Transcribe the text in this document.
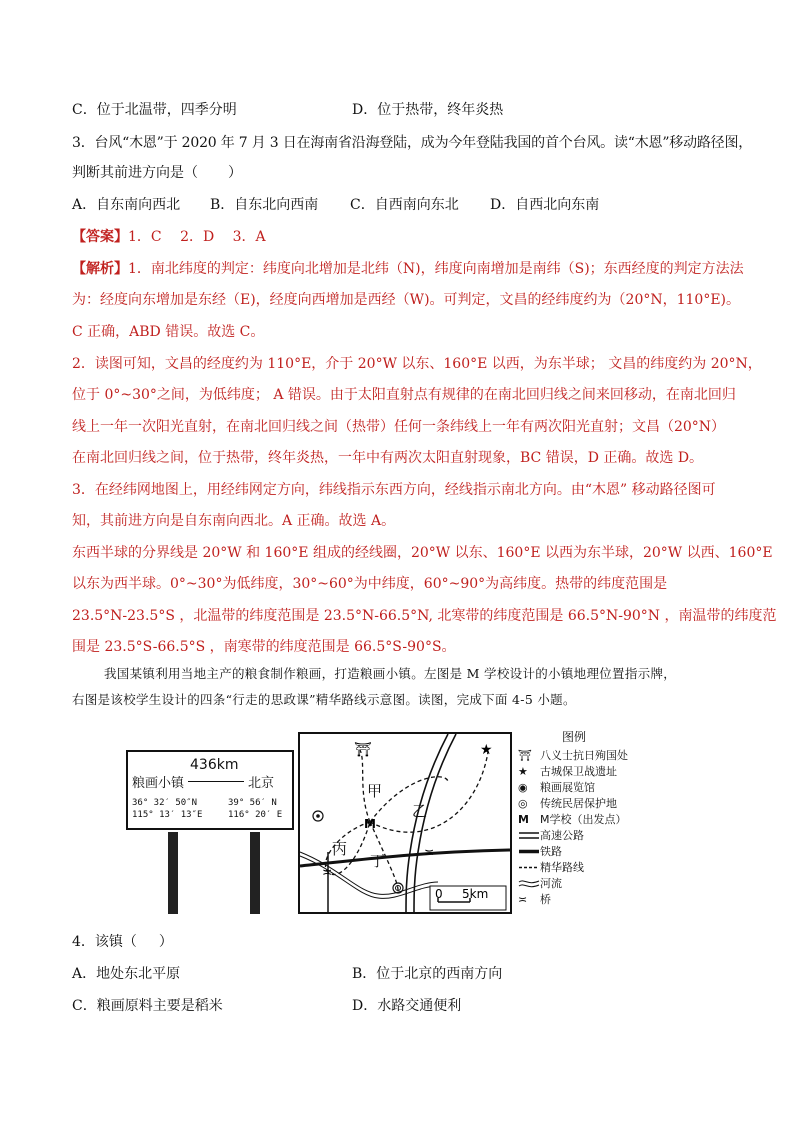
C．位于北温带，四季分明	D．位于热带，终年炎热
3．台风“木恩”于 2020 年 7 月 3 日在海南省沿海登陆，成为今年登陆我国的首个台风。读“木恩”移动路径图，
判断其前进方向是（ ）
A．自东南向西北 B．自东北向西南 C．自西南向东北 D．自西北向东南
【答案】1．C　 2．D　 3．A
【解析】1．南北纬度的判定：纬度向北增加是北纬（N)，纬度向南增加是南纬（S)；东西经度的判定方法法
为：经度向东增加是东经（E)，经度向西增加是西经（W)。可判定，文昌的经纬度约为（20°N，110°E)。
C 正确，ABD 错误。故选 C。
2．读图可知，文昌的经度约为 110°E，介于 20°W 以东、160°E 以西，为东半球； 文昌的纬度约为 20°N，
位于 0°~30°之间，为低纬度； A 错误。由于太阳直射点有规律的在南北回归线之间来回移动，在南北回归
线上一年一次阳光直射，在南北回归线之间（热带）任何一条纬线上一年有两次阳光直射；文昌（20°N）
在南北回归线之间，位于热带，终年炎热，一年中有两次太阳直射现象，BC 错误，D 正确。故选 D。
3．在经纬网地图上，用经纬网定方向，纬线指示东西方向，经线指示南北方向。由“木恩” 移动路径图可
知，其前进方向是自东南向西北。A 正确。故选 A。
东西半球的分界线是 20°W 和 160°E 组成的经线圈，20°W 以东、160°E 以西为东半球，20°W 以西、160°E
以东为西半球。0°~30°为低纬度，30°~60°为中纬度，60°~90°为高纬度。热带的纬度范围是
23.5°N-23.5°S ，北温带的纬度范围是 23.5°N-66.5°N, 北寒带的纬度范围是 66.5°N-90°N ，南温带的纬度范
围是 23.5°S-66.5°S ，南寒带的纬度范围是 66.5°S-90°S。
我国某镇利用当地主产的粮食制作粮画，打造粮画小镇。左图是 M 学校设计的小镇地理位置指示牌，
右图是该校学生设计的四条“行走的思政课”精华路线示意图。读图，完成下面 4-5 小题。
粮画小镇
436km
北京
36° 32′ 50″N
115° 13′ 13″E
39° 56′ N
116° 20′ E
⛩	★
M
≍
≍
0 5km
甲
乙
丙
丁
图例
⛩ 八义士抗日殉国处
★ 古城保卫战遗址
◉ 粮画展览馆
◎ 传统民居保护地
M M学校（出发点）
高速公路
铁路
精华路线
河流
≍ 桥
4．该镇（ ）
A．地处东北平原	B．位于北京的西南方向
C．粮画原料主要是稻米	D．水路交通便利
